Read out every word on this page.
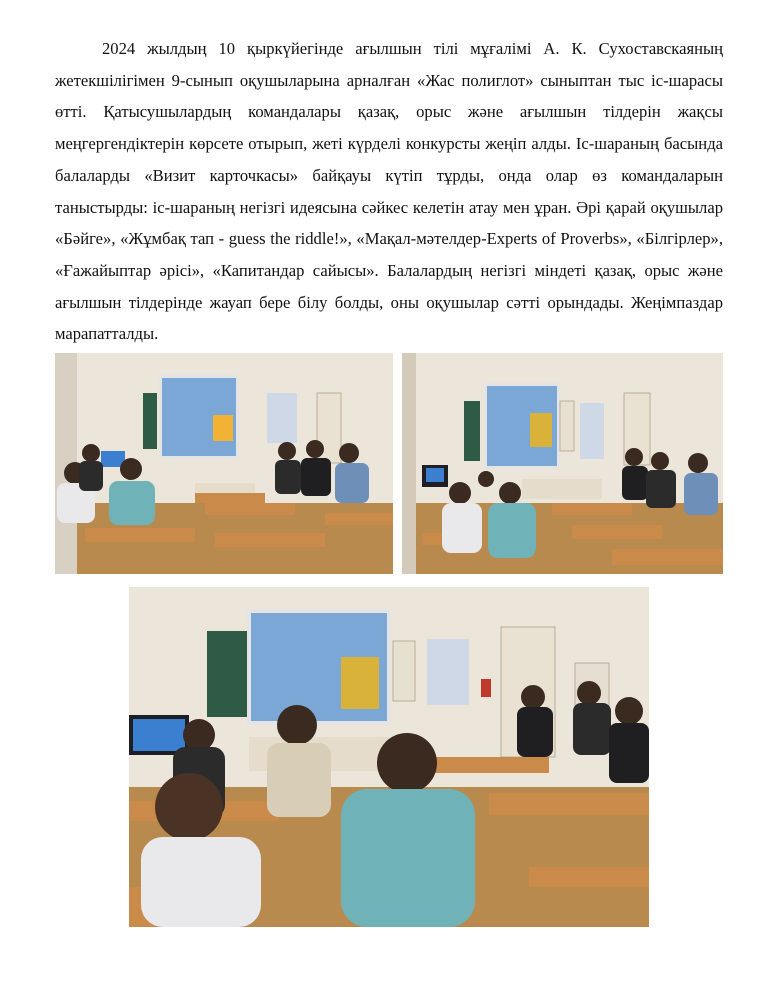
2024 жылдың 10 қыркүйегінде ағылшын тілі мұғалімі А. К. Сухоставскаяның жетекшілігімен 9-сынып оқушыларына арналған «Жас полиглот» сыныптан тыс іс-шарасы өтті. Қатысушылардың командалары қазақ, орыс және ағылшын тілдерін жақсы меңгергендіктерін көрсете отырып, жеті күрделі конкурсты жеңіп алды. Іс-шараның басында балаларды «Визит карточкасы» байқауы күтіп тұрды, онда олар өз командаларын таныстырды: іс-шараның негізгі идеясына сәйкес келетін атау мен ұран. Әрі қарай оқушылар «Бәйге», «Жұмбақ тап - guess the riddle!», «Мақал-мәтелдер-Experts of Proverbs», «Білгірлер», «Ғажайыптар әрісі», «Капитандар сайысы». Балалардың негізгі міндеті қазақ, орыс және ағылшын тілдерінде жауап бере білу болды, оны оқушылар сәтті орындады. Жеңімпаздар марапатталды.
